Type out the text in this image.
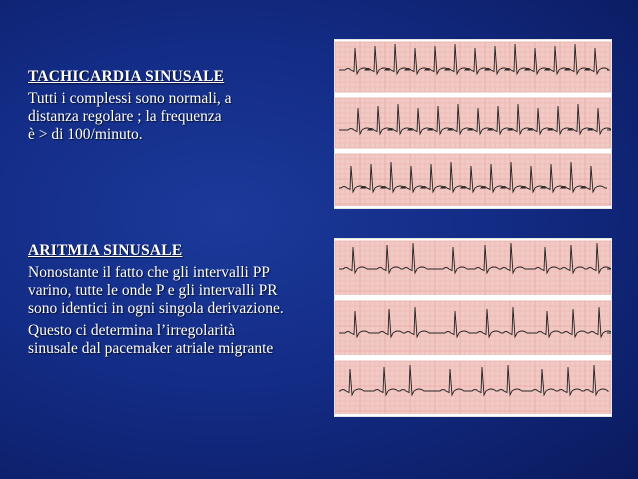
TACHICARDIA SINUSALE
Tutti i complessi sono normali, a
distanza regolare ; la frequenza
è > di 100/minuto.
ARITMIA SINUSALE
Nonostante il fatto che gli intervalli PP
varino, tutte le onde P e gli intervalli PR
sono identici in ogni singola derivazione.
Questo ci determina l’irregolarità
sinusale dal pacemaker atriale migrante
